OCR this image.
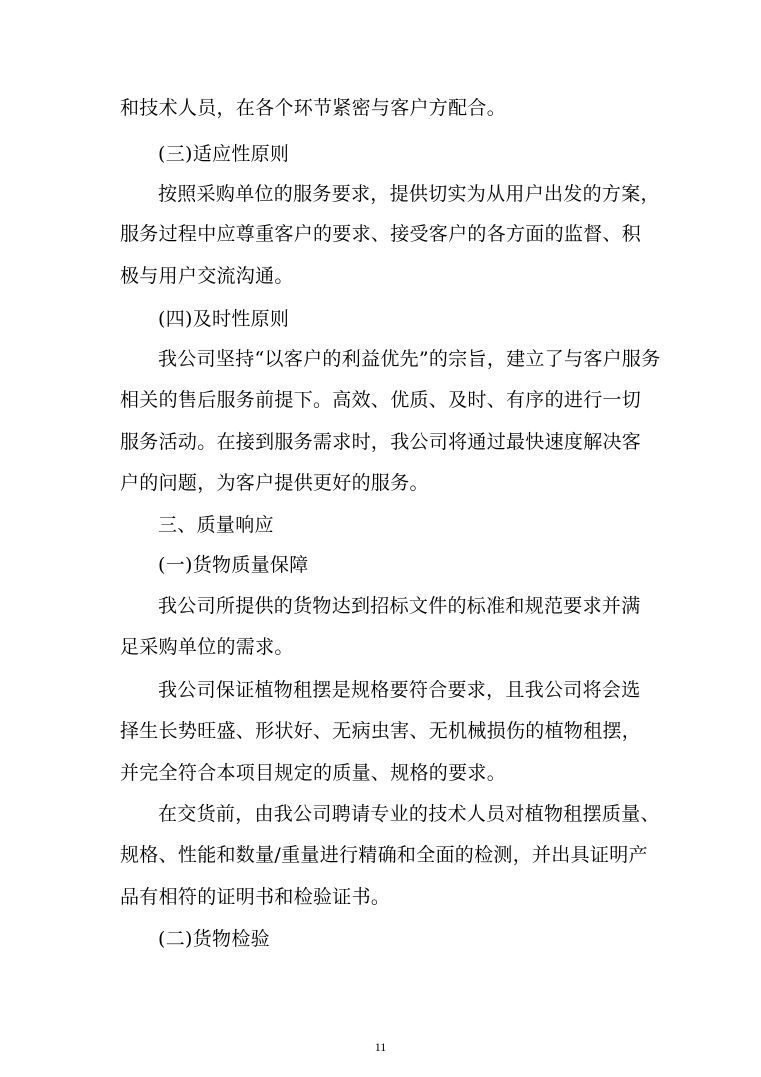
和技术人员，在各个环节紧密与客户方配合。
(三)适应性原则
按照采购单位的服务要求，提供切实为从用户出发的方案，
服务过程中应尊重客户的要求、接受客户的各方面的监督、积
极与用户交流沟通。
(四)及时性原则
我公司坚持“以客户的利益优先”的宗旨，建立了与客户服务
相关的售后服务前提下。高效、优质、及时、有序的进行一切
服务活动。在接到服务需求时，我公司将通过最快速度解决客
户的问题，为客户提供更好的服务。
三、质量响应
(一)货物质量保障
我公司所提供的货物达到招标文件的标准和规范要求并满
足采购单位的需求。
我公司保证植物租摆是规格要符合要求，且我公司将会选
择生长势旺盛、形状好、无病虫害、无机械损伤的植物租摆，
并完全符合本项目规定的质量、规格的要求。
在交货前，由我公司聘请专业的技术人员对植物租摆质量、
规格、性能和数量/重量进行精确和全面的检测，并出具证明产
品有相符的证明书和检验证书。
(二)货物检验
11
